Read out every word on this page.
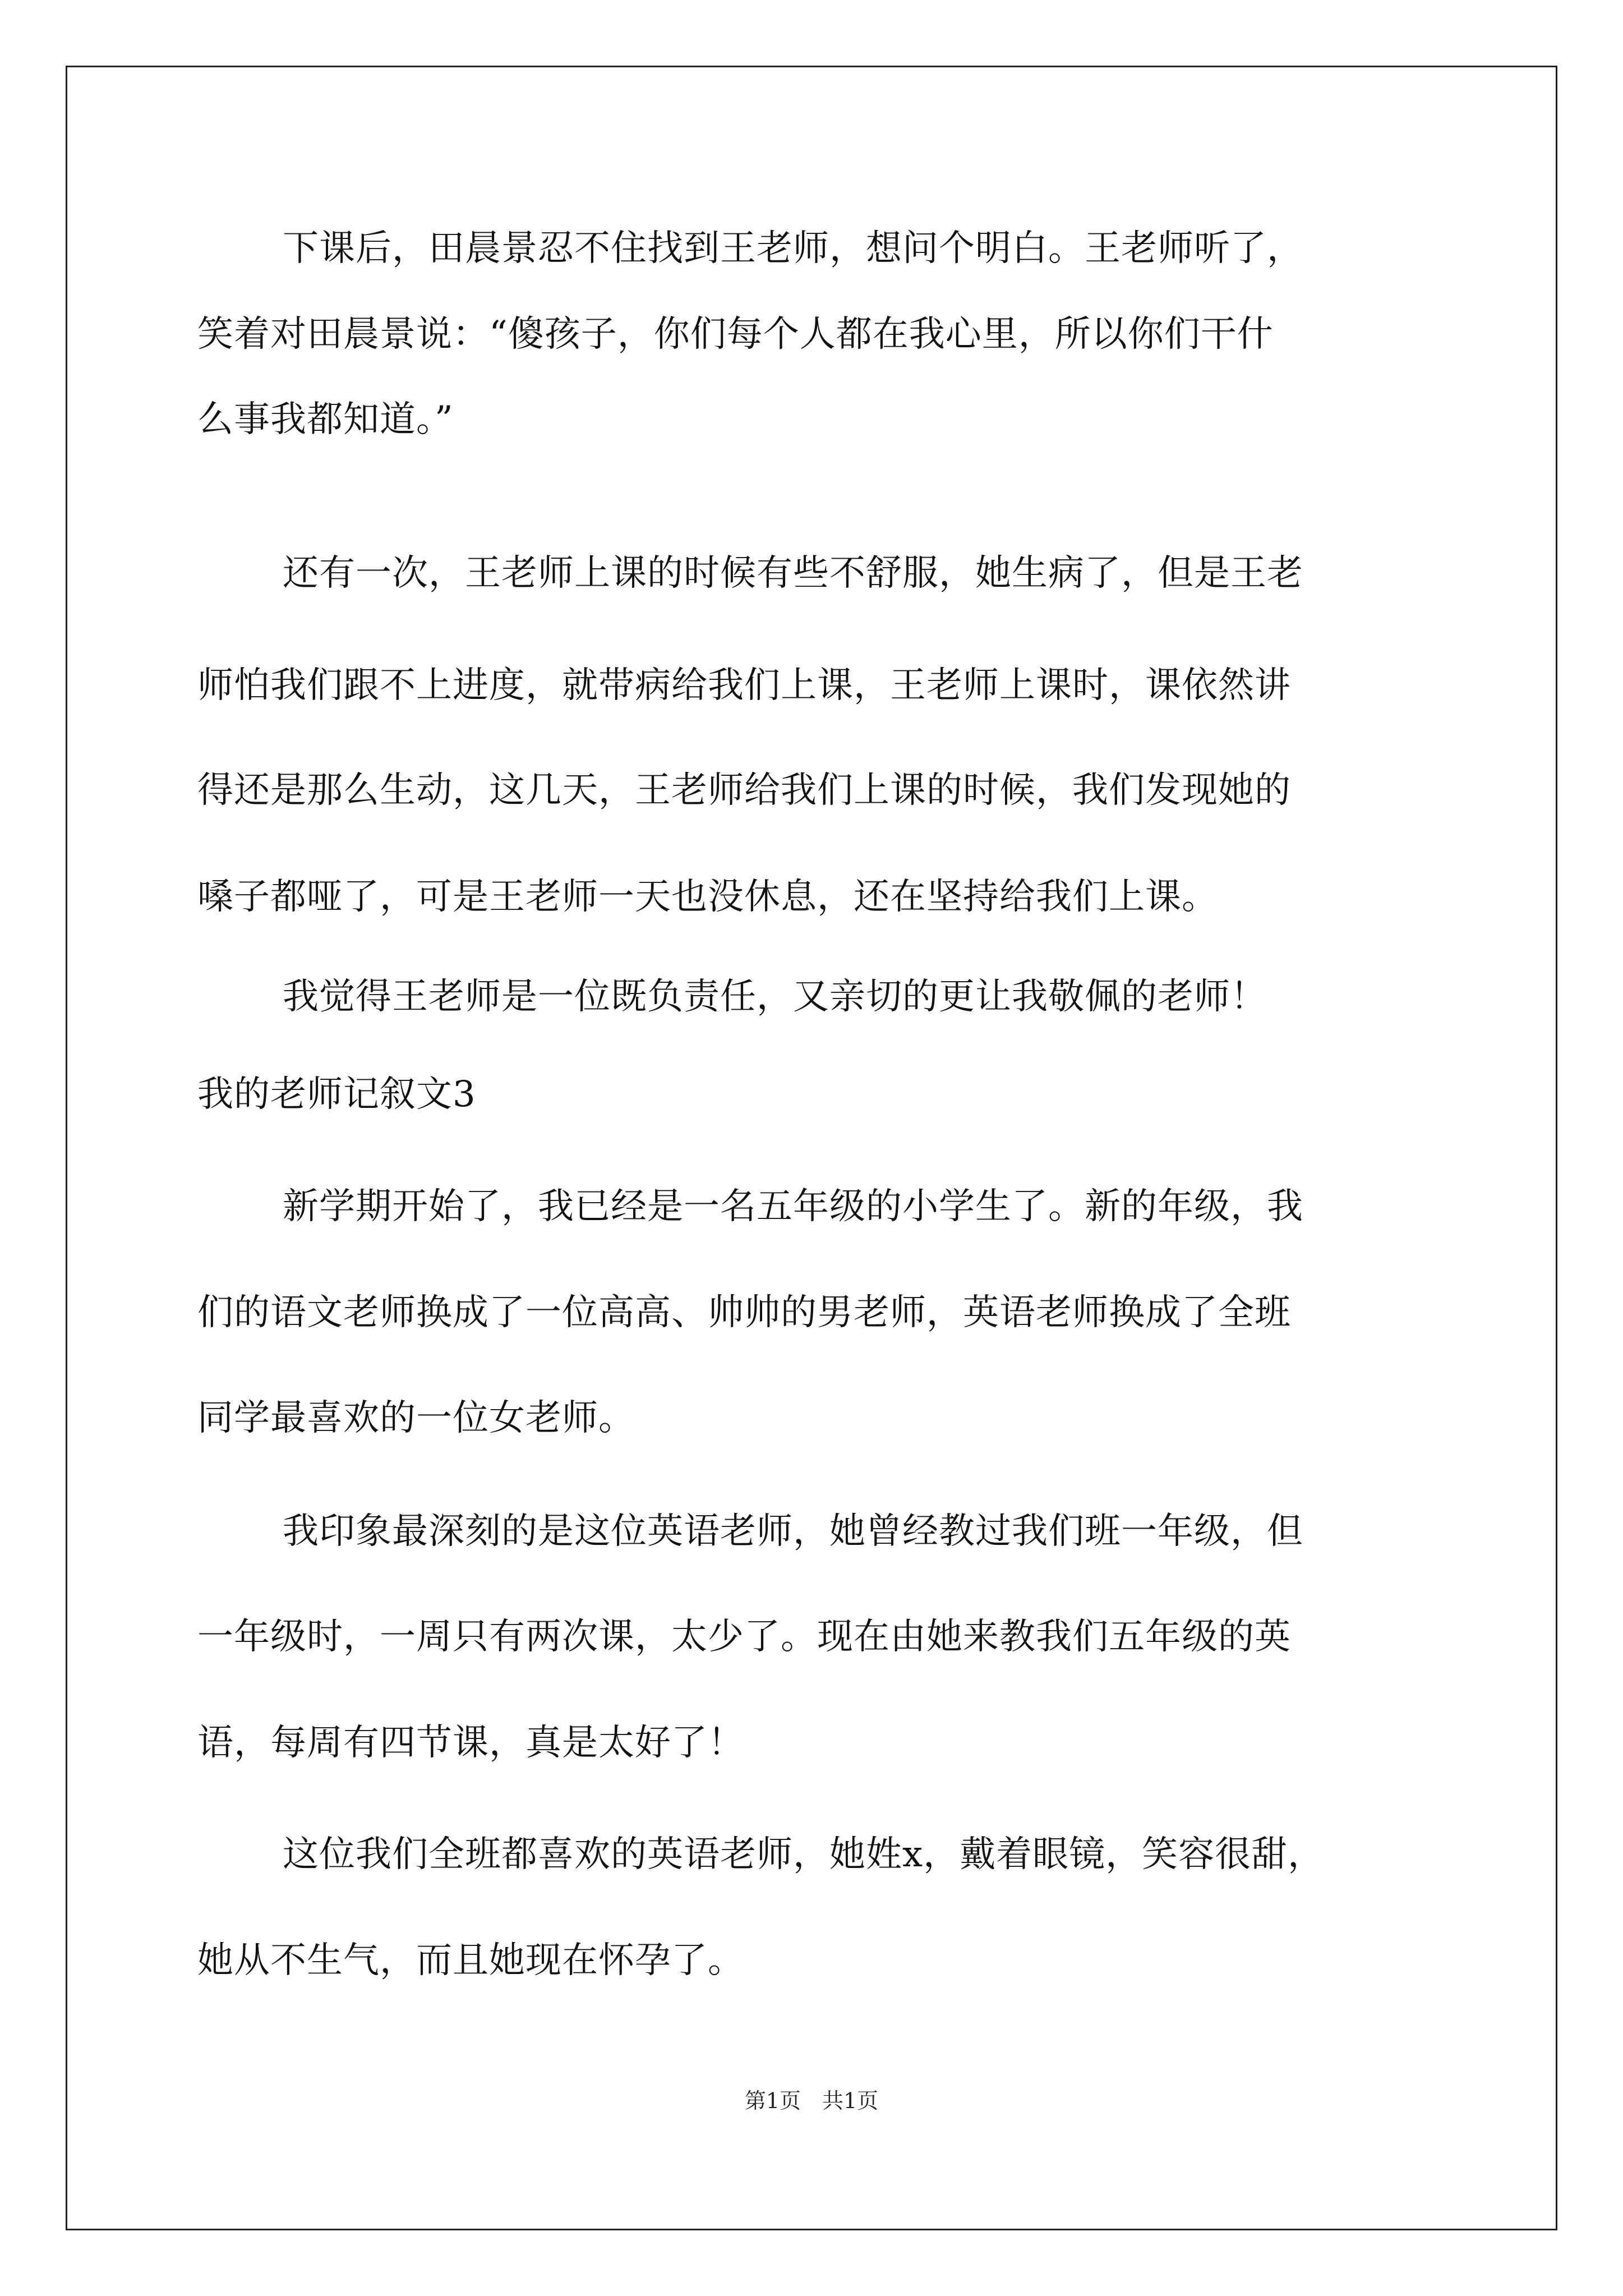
下课后，田晨景忍不住找到王老师，想问个明白。王老师听了，
笑着对田晨景说：“傻孩子，你们每个人都在我心里，所以你们干什
么事我都知道。”
还有一次，王老师上课的时候有些不舒服，她生病了，但是王老
师怕我们跟不上进度，就带病给我们上课，王老师上课时，课依然讲
得还是那么生动，这几天，王老师给我们上课的时候，我们发现她的
嗓子都哑了，可是王老师一天也没休息，还在坚持给我们上课。
我觉得王老师是一位既负责任，又亲切的更让我敬佩的老师！
我的老师记叙文3
新学期开始了，我已经是一名五年级的小学生了。新的年级，我
们的语文老师换成了一位高高、帅帅的男老师，英语老师换成了全班
同学最喜欢的一位女老师。
我印象最深刻的是这位英语老师，她曾经教过我们班一年级，但
一年级时，一周只有两次课，太少了。现在由她来教我们五年级的英
语，每周有四节课，真是太好了！
这位我们全班都喜欢的英语老师，她姓x，戴着眼镜，笑容很甜，
她从不生气，而且她现在怀孕了。
第1页　共1页
